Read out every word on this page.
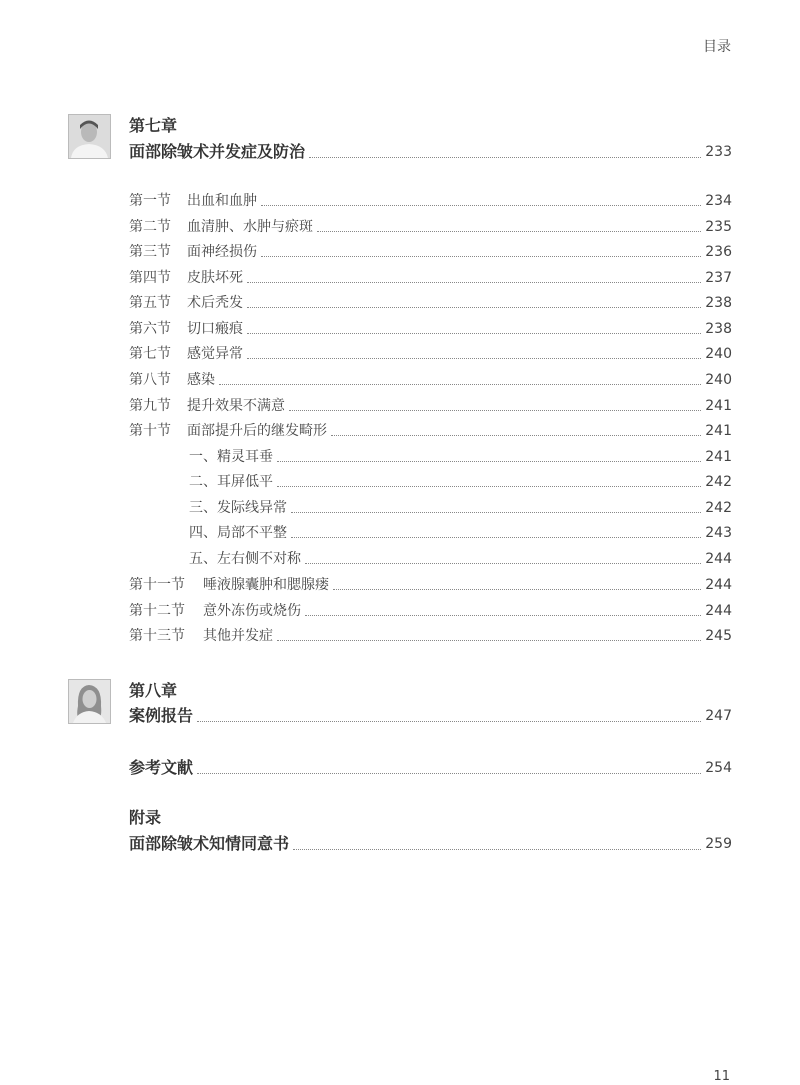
目录
第七章
面部除皱术并发症及防治	233
第一节	出血和血肿	234
第二节	血清肿、水肿与瘀斑	235
第三节	面神经损伤	236
第四节	皮肤坏死	237
第五节	术后秃发	238
第六节	切口瘢痕	238
第七节	感觉异常	240
第八节	感染	240
第九节	提升效果不满意	241
第十节	面部提升后的继发畸形	241
一、精灵耳垂	241
二、耳屏低平	242
三、发际线异常	242
四、局部不平整	243
五、左右侧不对称	244
第十一节	唾液腺囊肿和腮腺瘘	244
第十二节	意外冻伤或烧伤	244
第十三节	其他并发症	245
第八章
案例报告	247
参考文献	254
附录
面部除皱术知情同意书	259
11
